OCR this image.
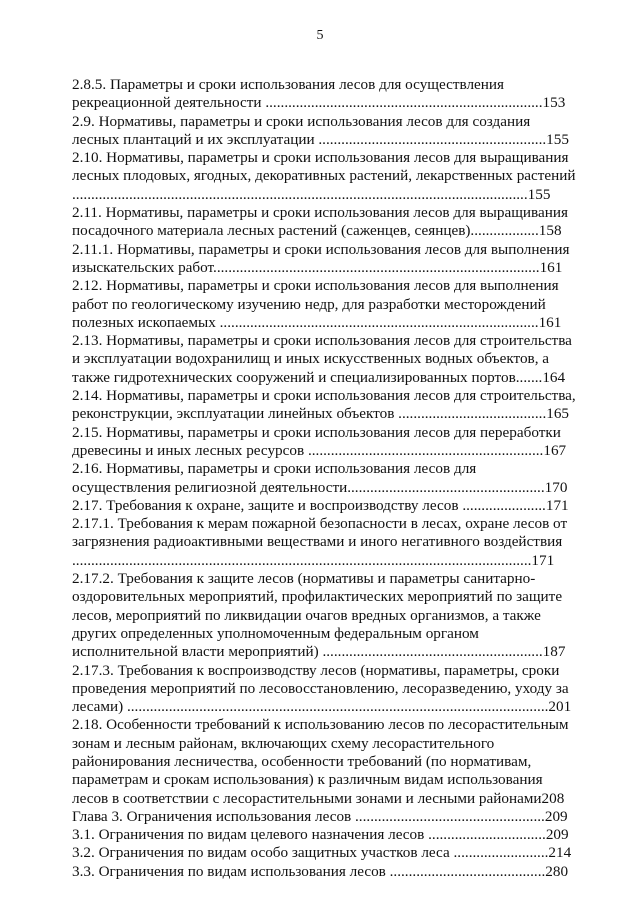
5
2.8.5. Параметры и сроки использования лесов для осуществления
рекреационной деятельности .........................................................................153
2.9. Нормативы, параметры и сроки использования лесов для создания
лесных плантаций и их эксплуатации ............................................................155
2.10. Нормативы, параметры и сроки использования лесов для выращивания
лесных плодовых, ягодных, декоративных растений, лекарственных растений
........................................................................................................................155
2.11. Нормативы, параметры и сроки использования лесов для выращивания
посадочного материала лесных растений (саженцев, сеянцев)..................158
2.11.1. Нормативы, параметры и сроки использования лесов для выполнения
изыскательских работ......................................................................................161
2.12. Нормативы, параметры и сроки использования лесов для выполнения
работ по геологическому изучению недр, для разработки месторождений
полезных ископаемых ....................................................................................161
2.13. Нормативы, параметры и сроки использования лесов для строительства
и эксплуатации водохранилищ и иных искусственных водных объектов, а
также гидротехнических сооружений и специализированных портов.......164
2.14. Нормативы, параметры и сроки использования лесов для строительства,
реконструкции, эксплуатации линейных объектов .......................................165
2.15. Нормативы, параметры и сроки использования лесов для переработки
древесины и иных лесных ресурсов ..............................................................167
2.16. Нормативы, параметры и сроки использования лесов для
осуществления религиозной деятельности....................................................170
2.17. Требования к охране, защите и воспроизводству лесов ......................171
2.17.1. Требования к мерам пожарной безопасности в лесах, охране лесов от
загрязнения радиоактивными веществами и иного негативного воздействия
.........................................................................................................................171
2.17.2. Требования к защите лесов (нормативы и параметры санитарно-
оздоровительных мероприятий, профилактических мероприятий по защите
лесов, мероприятий по ликвидации очагов вредных организмов, а также
других определенных уполномоченным федеральным органом
исполнительной власти мероприятий) ..........................................................187
2.17.3. Требования к воспроизводству лесов (нормативы, параметры, сроки
проведения мероприятий по лесовосстановлению, лесоразведению, уходу за
лесами) ...............................................................................................................201
2.18. Особенности требований к использованию лесов по лесорастительным
зонам и лесным районам, включающих схему лесорастительного
районирования лесничества, особенности требований (по нормативам,
параметрам и срокам использования) к различным видам использования
лесов в соответствии с лесорастительными зонами и лесными районами208
Глава 3. Ограничения использования лесов ..................................................209
3.1. Ограничения по видам целевого назначения лесов ...............................209
3.2. Ограничения по видам особо защитных участков леса .........................214
3.3. Ограничения по видам использования лесов .........................................280
